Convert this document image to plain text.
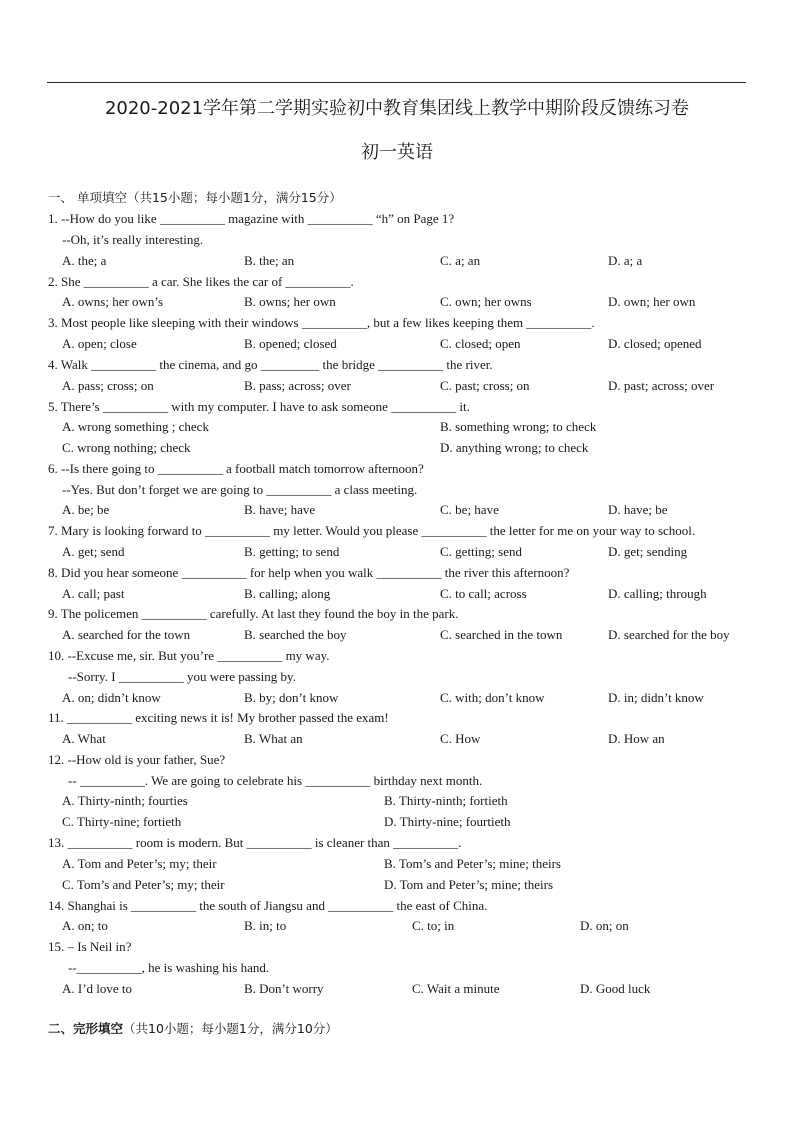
2020-2021学年第二学期实验初中教育集团线上教学中期阶段反馈练习卷
初一英语
一、 单项填空（共15小题；每小题1分，满分15分）
1. --How do you like __________ magazine with __________ “h” on Page 1?
--Oh, it’s really interesting.
A. the; a	B. the; an	C. a; an	D. a; a
2. She __________ a car. She likes the car of __________.
A. owns; her own’s	B. owns; her own	C. own; her owns	D. own; her own
3. Most people like sleeping with their windows __________, but a few likes keeping them __________.
A. open; close	B. opened; closed	C. closed; open	D. closed; opened
4. Walk __________ the cinema, and go _________ the bridge __________ the river.
A. pass; cross; on	B. pass; across; over	C. past; cross; on	D. past; across; over
5. There’s __________ with my computer. I have to ask someone __________ it.
A. wrong something ; check	B. something wrong; to check
C. wrong nothing; check	D. anything wrong; to check
6. --Is there going to __________ a football match tomorrow afternoon?
--Yes. But don’t forget we are going to __________ a class meeting.
A. be; be	B. have; have	C. be; have	D. have; be
7. Mary is looking forward to __________ my letter. Would you please __________ the letter for me on your way to school.
A. get; send	B. getting; to send	C. getting; send	D. get; sending
8. Did you hear someone __________ for help when you walk __________ the river this afternoon?
A. call; past	B. calling; along	C. to call; across	D. calling; through
9. The policemen __________ carefully. At last they found the boy in the park.
A. searched for the town	B. searched the boy	C. searched in the town	D. searched for the boy
10. --Excuse me, sir. But you’re __________ my way.
--Sorry. I __________ you were passing by.
A. on; didn’t know	B. by; don’t know	C. with; don’t know	D. in; didn’t know
11. __________ exciting news it is! My brother passed the exam!
A. What	B. What an	C. How	D. How an
12. --How old is your father, Sue?
-- __________. We are going to celebrate his __________ birthday next month.
A. Thirty-ninth; fourties	B. Thirty-ninth; fortieth
C. Thirty-nine; fortieth	D. Thirty-nine; fourtieth
13. __________ room is modern. But __________ is cleaner than __________.
A. Tom and Peter’s; my; their	B. Tom’s and Peter’s; mine; theirs
C. Tom’s and Peter’s; my; their	D. Tom and Peter’s; mine; theirs
14. Shanghai is __________ the south of Jiangsu and __________ the east of China.
A. on; to	B. in; to	C. to; in	D. on; on
15. – Is Neil in?
--__________, he is washing his hand.
A. I’d love to	B. Don’t worry	C. Wait a minute	D. Good luck
二、完形填空（共10小题；每小题1分，满分10分）
